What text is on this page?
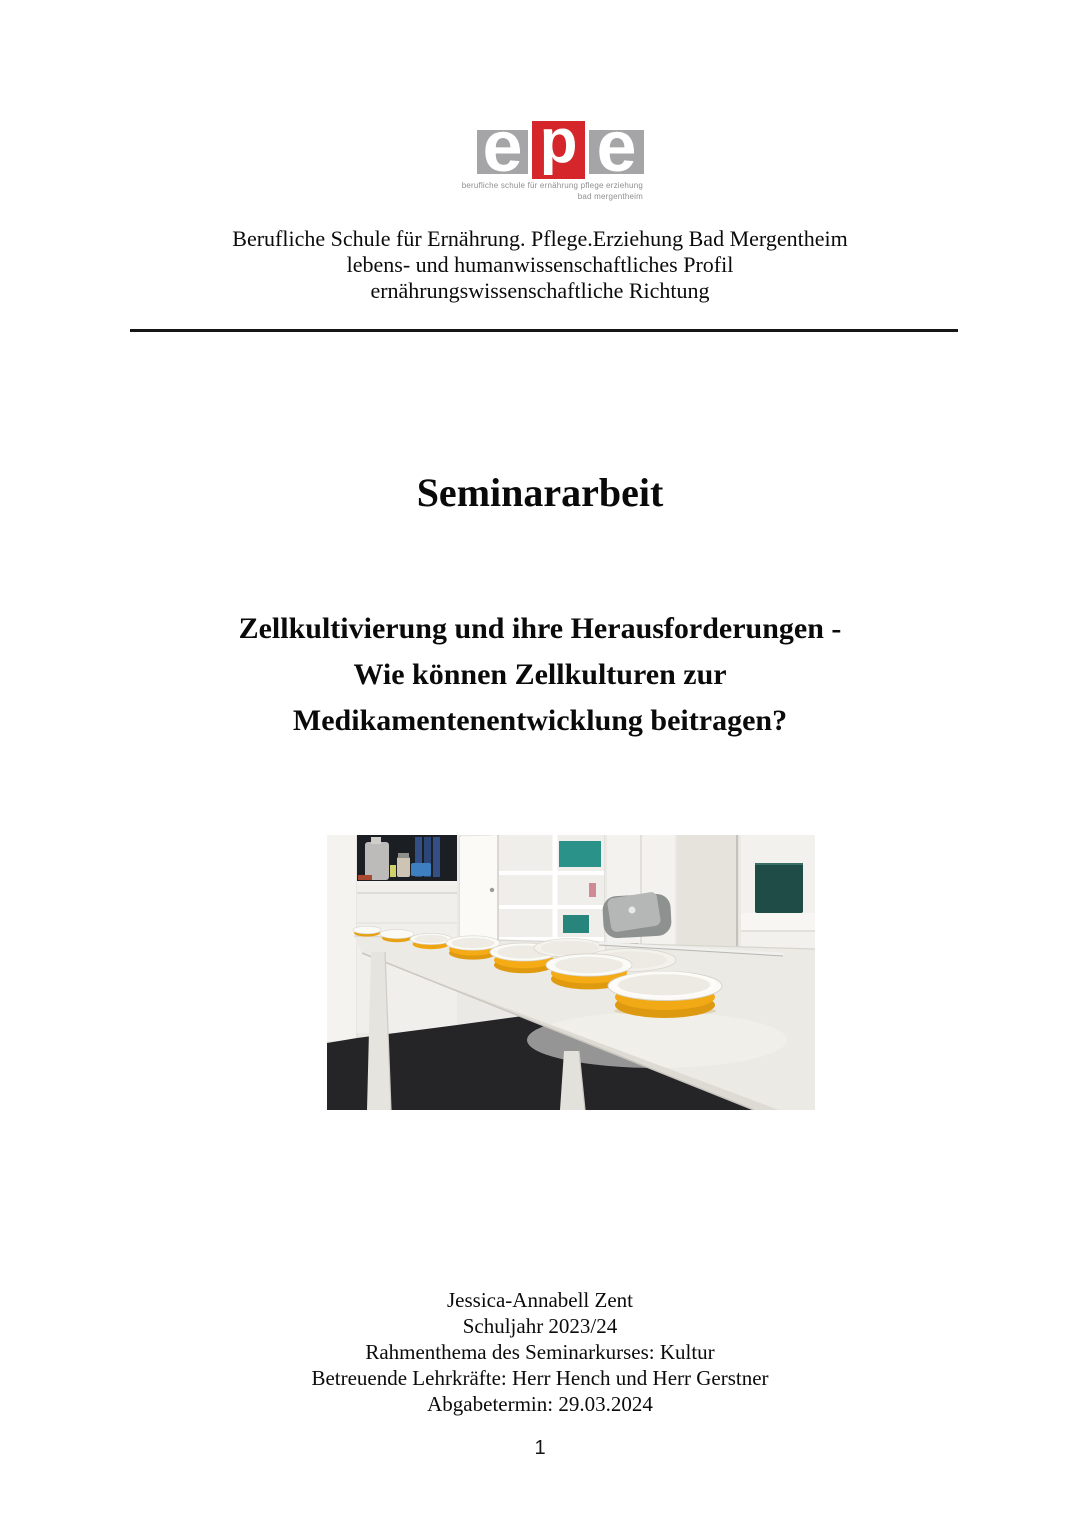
e p e
berufliche schule für ernährung pflege erziehung
bad mergentheim
Berufliche Schule für Ernährung. Pflege.Erziehung Bad Mergentheim
lebens- und humanwissenschaftliches Profil
ernährungswissenschaftliche Richtung
Seminararbeit
Zellkultivierung und ihre Herausforderungen -
Wie können Zellkulturen zur
Medikamentenentwicklung beitragen?
Jessica-Annabell Zent
Schuljahr 2023/24
Rahmenthema des Seminarkurses: Kultur
Betreuende Lehrkräfte: Herr Hench und Herr Gerstner
Abgabetermin: 29.03.2024
1
